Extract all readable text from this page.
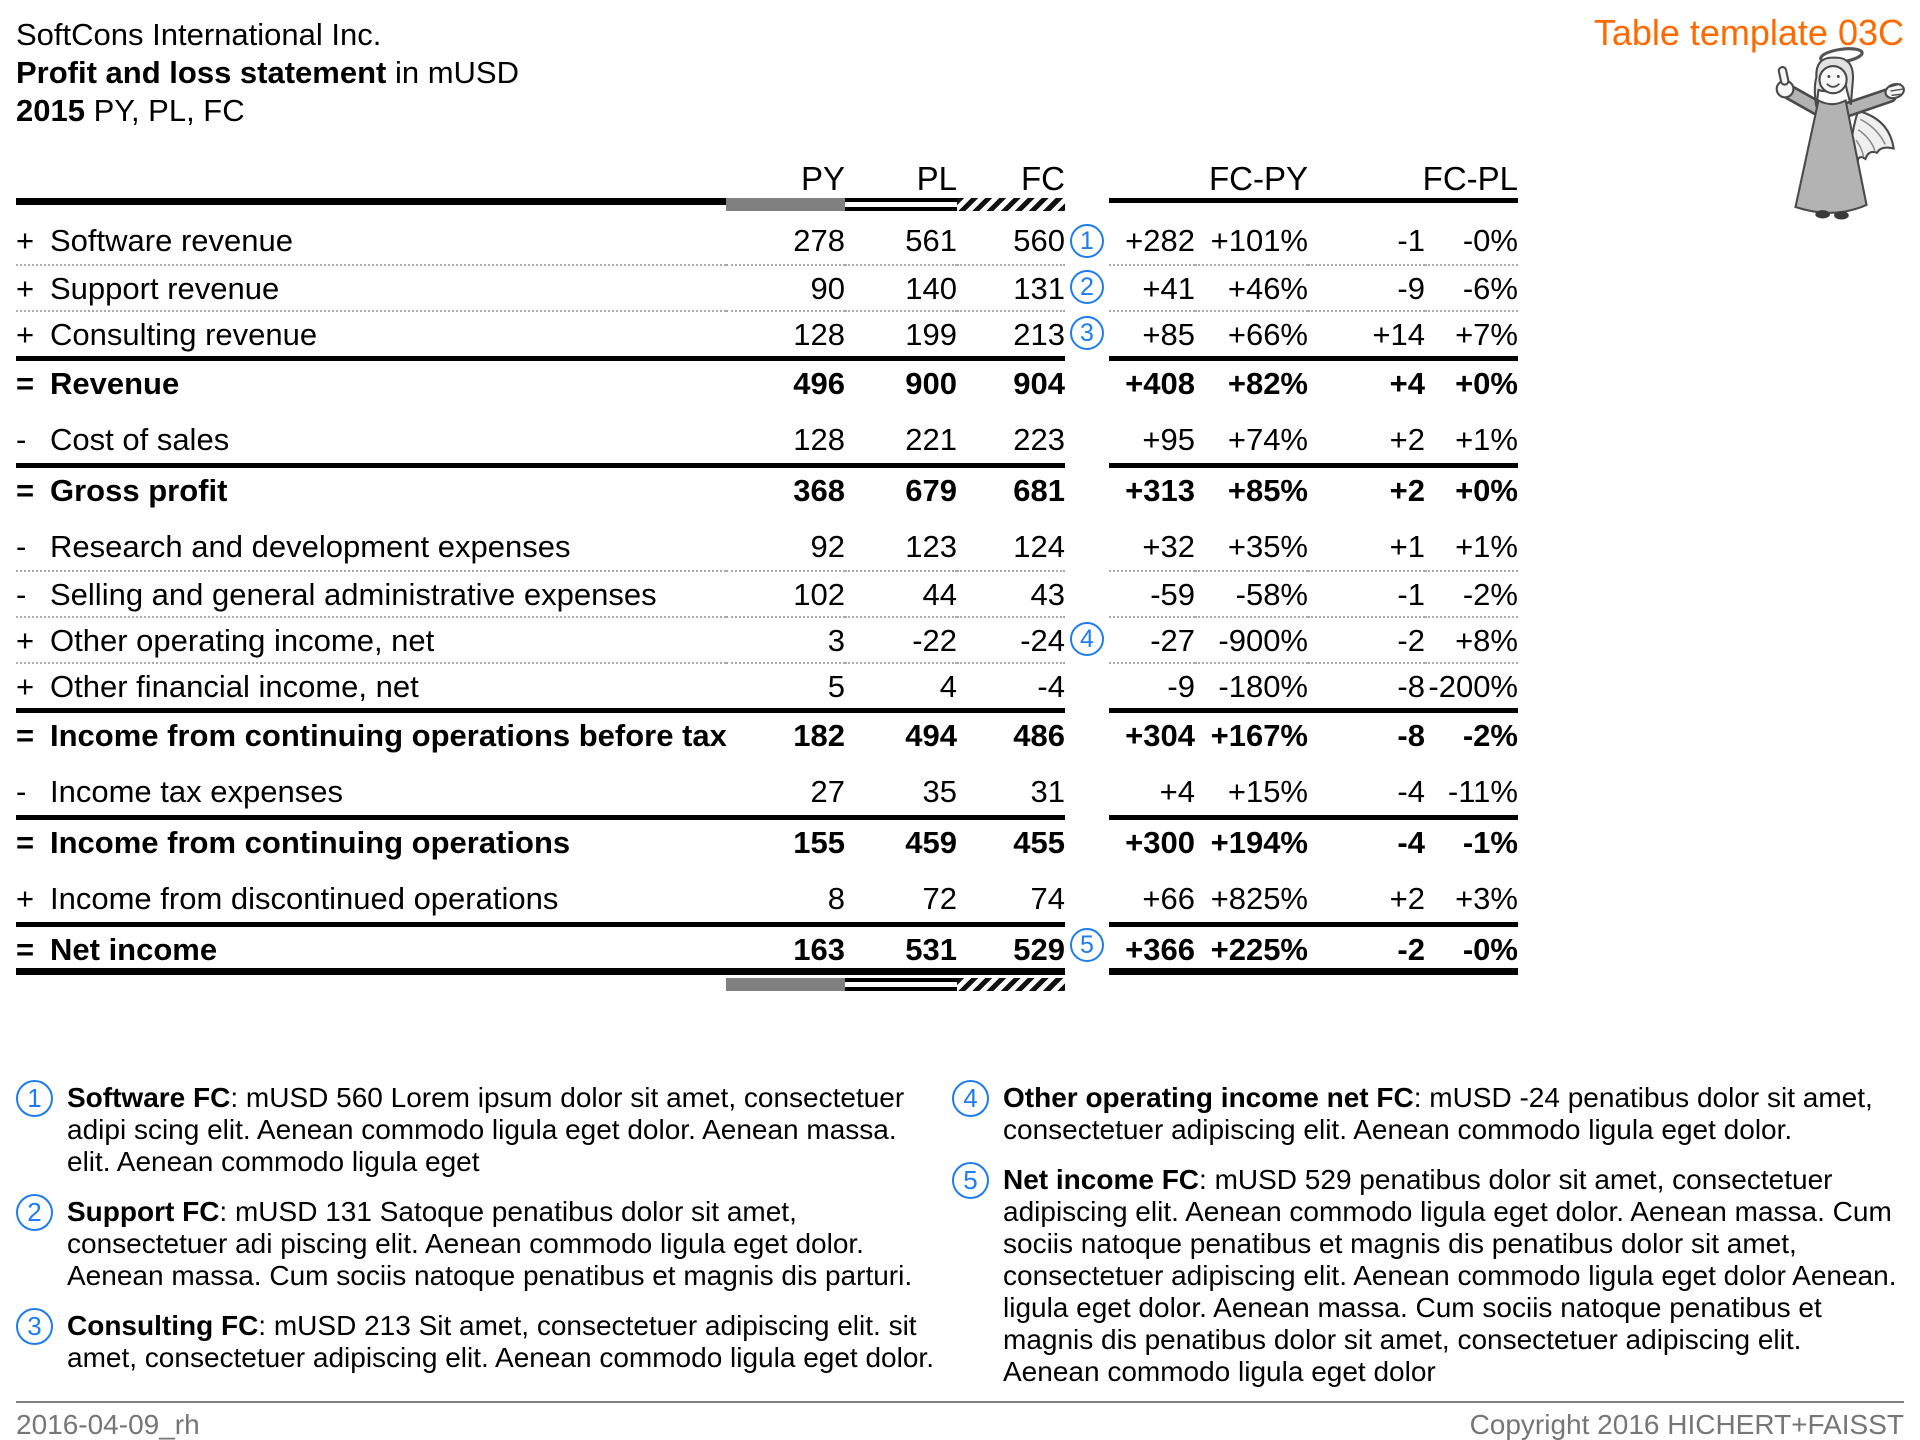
SoftCons International Inc.
Profit and loss statement in mUSD
2015 PY, PL, FC
Table template 03C
PY	PL	FC	FC-PY	FC-PL
+ Software revenue	278	561	560 1	+282 +101%	-1	-0%
+ Support revenue	90	140	131 2	+41	+46%	-9	-6%
+ Consulting revenue	128	199	213 3	+85	+66%	+14 +7%
= Revenue	496	900	904	+408	+82%	+4 +0%
- Cost of sales	128	221	223	+95	+74%	+2 +1%
= Gross profit	368	679	681	+313	+85%	+2 +0%
- Research and development expenses	92	123	124	+32	+35%	+1 +1%
- Selling and general administrative expenses	102	44	43	-59	-58%	-1	-2%
+ Other operating income, net	3	-22	-24 4	-27 -900%	-2 +8%
+ Other financial income, net	5	4	-4	-9 -180%	-8 -200%
= Income from continuing operations before tax	182	494	486	+304 +167%	-8	-2%
- Income tax expenses	27	35	31	+4	+15%	-4 -11%
= Income from continuing operations	155	459	455	+300 +194%	-4	-1%
+ Income from discontinued operations	8	72	74	+66 +825%	+2 +3%
= Net income	163	531	529 5	+366 +225%	-2	-0%
1 Software FC: mUSD 560 Lorem ipsum dolor sit amet, consectetuer adipi scing elit. Aenean commodo ligula eget dolor. Aenean massa. elit. Aenean commodo ligula eget
2 Support FC: mUSD 131 Satoque penatibus dolor sit amet, consectetuer adi piscing elit. Aenean commodo ligula eget dolor. Aenean massa. Cum sociis natoque penatibus et magnis dis parturi.
3 Consulting FC: mUSD 213 Sit amet, consectetuer adipiscing elit. sit amet, consectetuer adipiscing elit. Aenean commodo ligula eget dolor.
4 Other operating income net FC: mUSD -24 penatibus dolor sit amet, consectetuer adipiscing elit. Aenean commodo ligula eget dolor.
5 Net income FC: mUSD 529 penatibus dolor sit amet, consectetuer adipiscing elit. Aenean commodo ligula eget dolor. Aenean massa. Cum sociis natoque penatibus et magnis dis penatibus dolor sit amet, consectetuer adipiscing elit. Aenean commodo ligula eget dolor Aenean. ligula eget dolor. Aenean massa. Cum sociis natoque penatibus et magnis dis penatibus dolor sit amet, consectetuer adipiscing elit. Aenean commodo ligula eget dolor
2016-04-09_rh	Copyright 2016 HICHERT+FAISST
